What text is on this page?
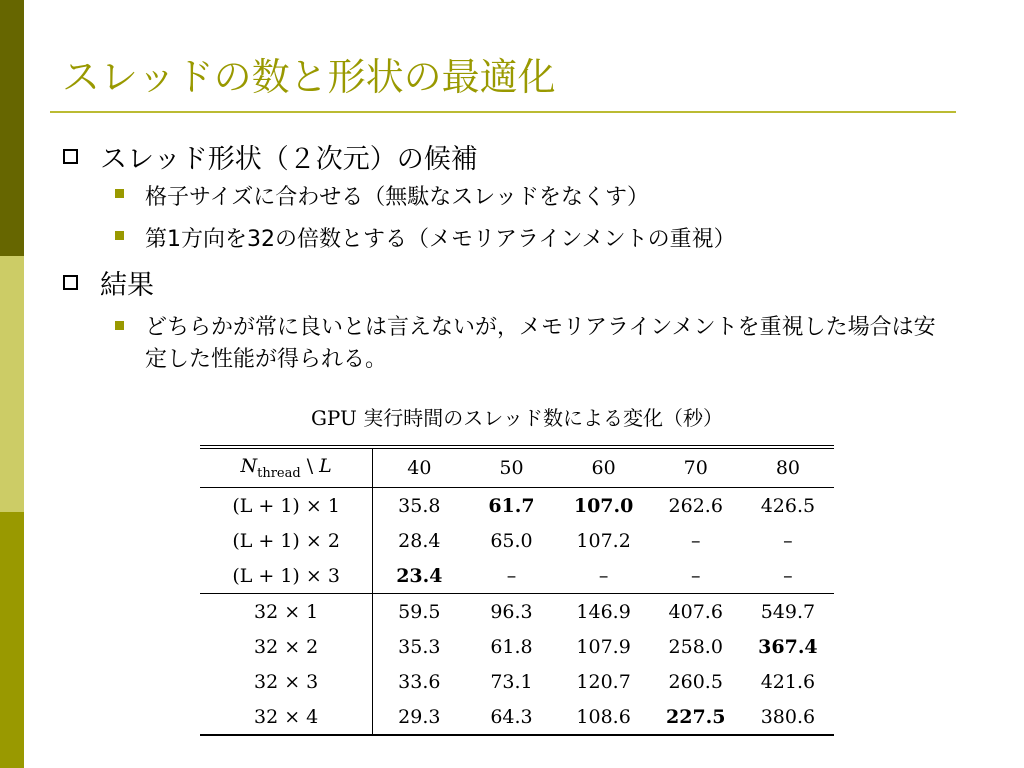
スレッドの数と形状の最適化
スレッド形状（２次元）の候補
格子サイズに合わせる（無駄なスレッドをなくす）
第1方向を32の倍数とする（メモリアラインメントの重視）
結果
どちらかが常に良いとは言えないが，メモリアラインメントを重視した場合は安定した性能が得られる。
GPU 実行時間のスレッド数による変化（秒）
$N_{thread}$ \ L	40	50	60	70	80
(L + 1) × 1	35.8	61.7	107.0	262.6	426.5
(L + 1) × 2	28.4	65.0	107.2	–	–
(L + 1) × 3	23.4	–	–	–	–
32 × 1	59.5	96.3	146.9	407.6	549.7
32 × 2	35.3	61.8	107.9	258.0	367.4
32 × 3	33.6	73.1	120.7	260.5	421.6
32 × 4	29.3	64.3	108.6	227.5	380.6
